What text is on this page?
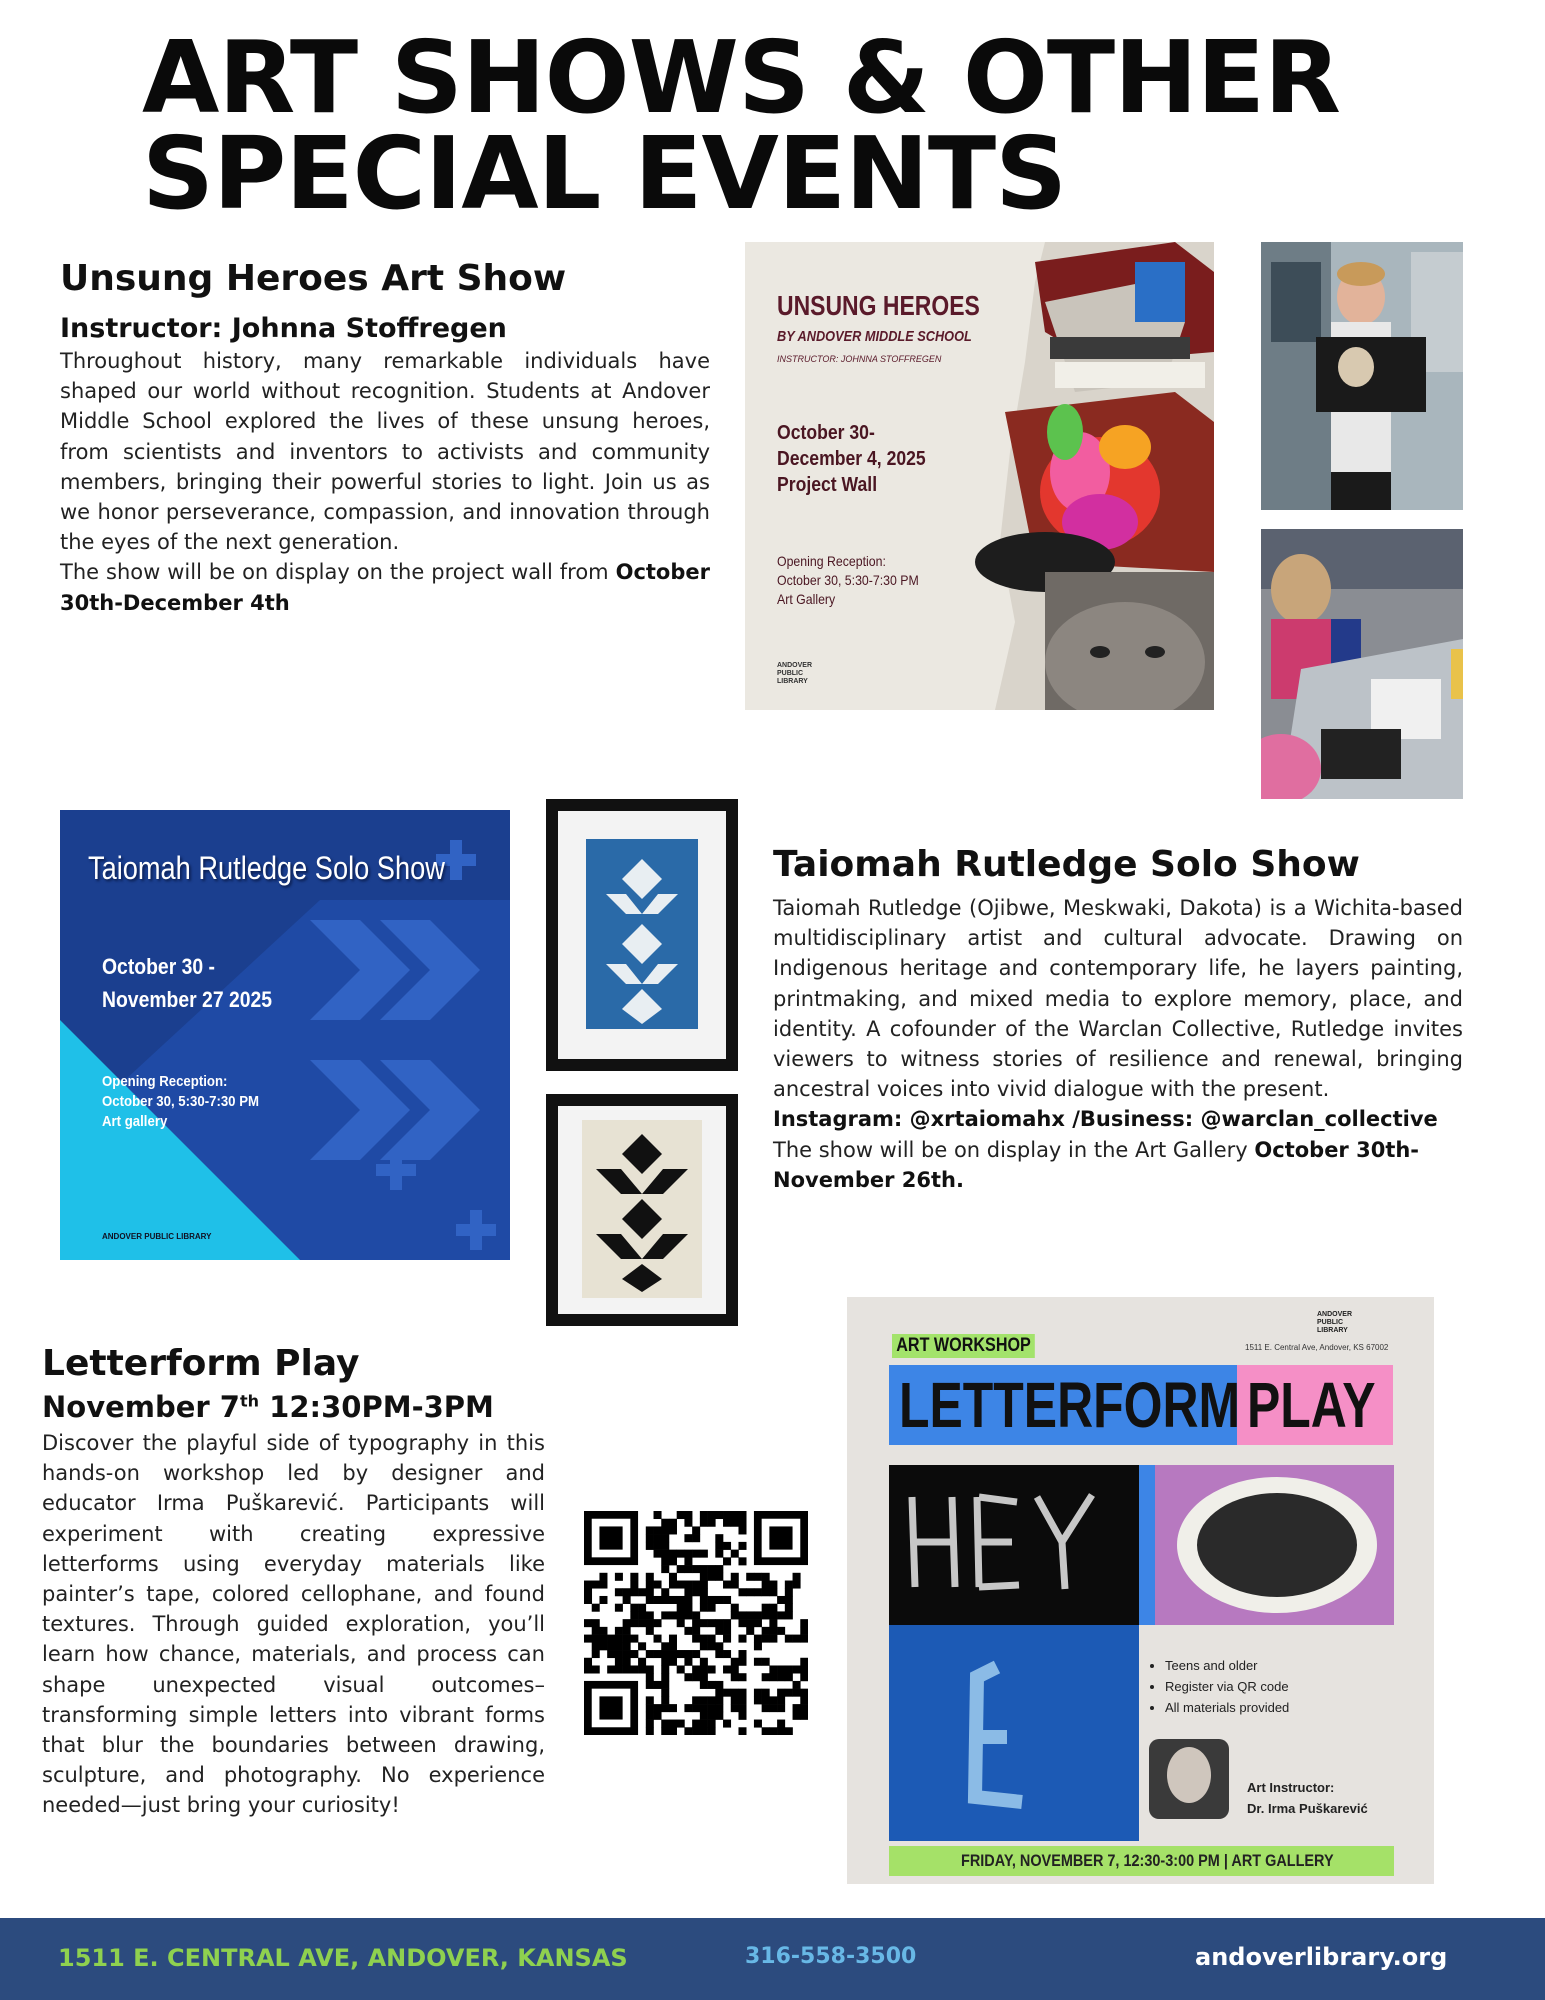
ART SHOWS & OTHER
SPECIAL EVENTS
Unsung Heroes Art Show
Instructor: Johnna Stoffregen

Throughout history, many remarkable individuals have shaped our world without recognition. Students at Andover Middle School explored the lives of these unsung heroes, from scientists and inventors to activists and community members, bringing their powerful stories to light. Join us as we honor perseverance, compassion, and innovation through the eyes of the next generation.

The show will be on display on the project wall from October 30th-December 4th

UNSUNG HEROES
BY ANDOVER MIDDLE SCHOOL
INSTRUCTOR: JOHNNA STOFFREGEN
October 30-
December 4, 2025
Project Wall
Opening Reception:
October 30, 5:30-7:30 PM
Art Gallery
ANDOVER
PUBLIC
LIBRARY
Taiomah Rutledge Solo Show
October 30 -
November 27 2025
Opening Reception:
October 30, 5:30-7:30 PM
Art gallery
ANDOVER PUBLIC LIBRARY
Taiomah Rutledge Solo Show

Taiomah Rutledge (Ojibwe, Meskwaki, Dakota) is a Wichita-based multidisciplinary artist and cultural advocate. Drawing on Indigenous heritage and contemporary life, he layers painting, printmaking, and mixed media to explore memory, place, and identity. A cofounder of the Warclan Collective, Rutledge invites viewers to witness stories of resilience and renewal, bringing ancestral voices into vivid dialogue with the present.

Instagram: @xrtaiomahx /Business: @warclan_collective

The show will be on display in the Art Gallery October 30th-November 26th.

Letterform Play
November 7th 12:30PM-3PM

Discover the playful side of typography in this hands-on workshop led by designer and educator Irma Puškarević. Participants will experiment with creating expressive letterforms using everyday materials like painter’s tape, colored cellophane, and found textures. Through guided exploration, you’ll learn how chance, materials, and process can shape unexpected visual outcomes–transforming simple letters into vibrant forms that blur the boundaries between drawing, sculpture, and photography. No experience needed—just bring your curiosity!

ANDOVER
PUBLIC
LIBRARY
1511 E. Central Ave, Andover, KS 67002
ART WORKSHOP
LETTERFORM PLAY
• Teens and older
• Register via QR code
• All materials provided
Art Instructor:
Dr. Irma Puškarević
FRIDAY, NOVEMBER 7, 12:30-3:00 PM | ART GALLERY
1511 E. CENTRAL AVE, ANDOVER, KANSAS	316-558-3500	andoverlibrary.org
